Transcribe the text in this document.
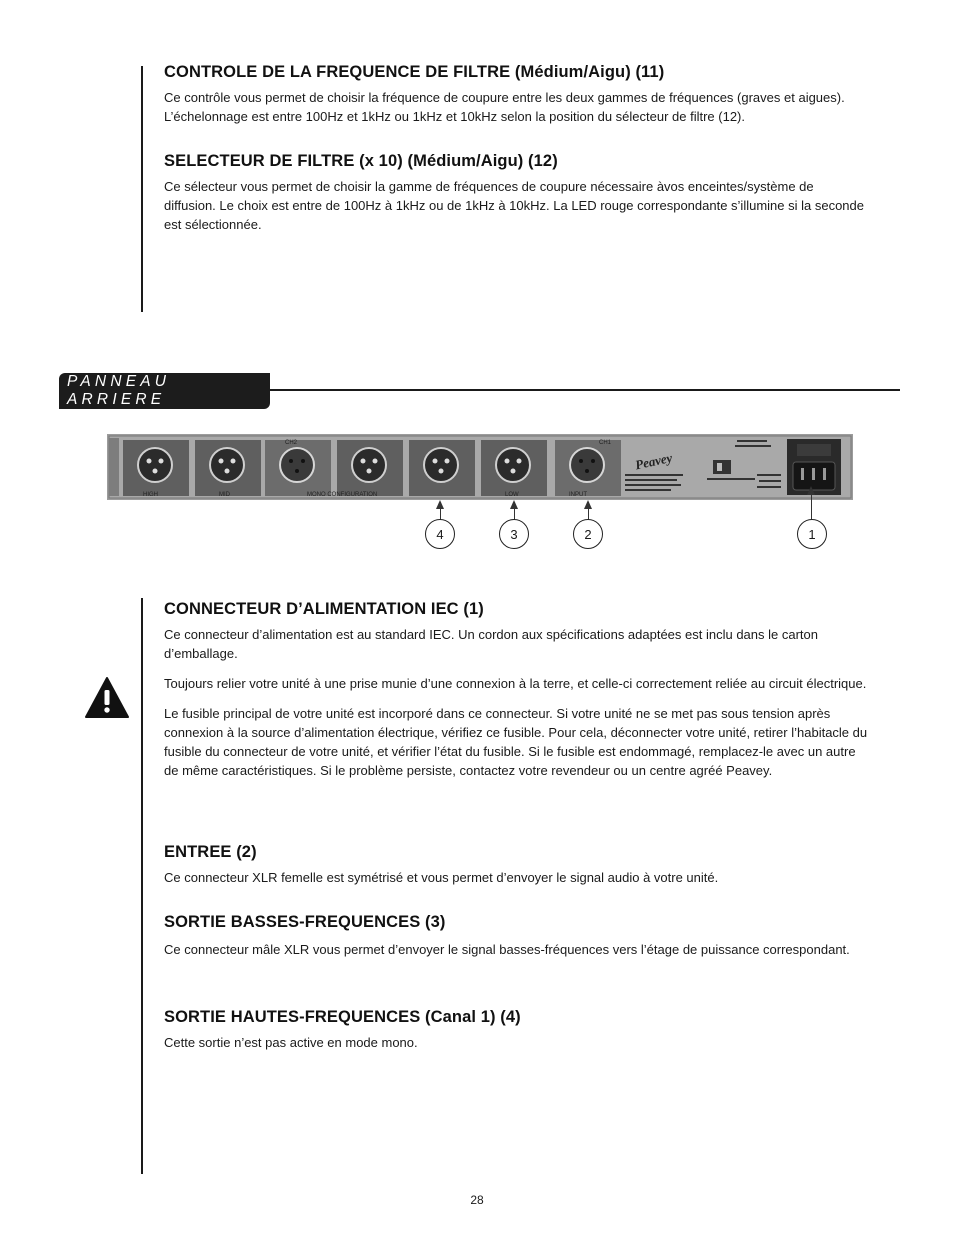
CONTROLE DE LA FREQUENCE DE FILTRE (Médium/Aigu) (11)

Ce contrôle vous permet de choisir la fréquence de coupure entre les deux gammes de fréquences (graves et aigues). L’échelonnage est entre 100Hz et 1kHz ou 1kHz et 10kHz selon la position du sélecteur de filtre (12).

SELECTEUR DE FILTRE (x 10) (Médium/Aigu) (12)

Ce sélecteur vous permet de choisir la gamme de fréquences de coupure nécessaire àvos enceintes/système de diffusion. Le choix est entre de 100Hz à 1kHz ou de 1kHz à 10kHz. La LED rouge correspondante s’illumine si la seconde est sélectionnée.

PANNEAU ARRIERE
HIGH	MID
CH2
MONO CONFIGURATION	LOW
CH1
INPUT
Peavey
4	3	2	1
CONNECTEUR D’ALIMENTATION IEC (1)

Ce connecteur d’alimentation est au standard IEC. Un cordon aux spécifications adaptées est inclu dans le carton d’emballage.

Toujours relier votre unité à une prise munie d’une connexion à la terre, et celle-ci correctement reliée au circuit électrique.

Le fusible principal de votre unité est incorporé dans ce connecteur. Si votre unité ne se met pas sous tension après connexion à la source d’alimentation électrique, vérifiez ce fusible. Pour cela, déconnecter votre unité, retirer l’habitacle du fusible du connecteur de votre unité, et vérifier l’état du fusible. Si le fusible est endommagé, remplacez-le avec un autre de même caractéristiques. Si le problème persiste, contactez votre revendeur ou un centre agréé Peavey.

ENTREE (2)

Ce connecteur XLR femelle est symétrisé et vous permet d’envoyer le signal audio à votre unité.

SORTIE BASSES-FREQUENCES (3)

Ce connecteur mâle XLR vous permet d’envoyer le signal basses-fréquences vers l’étage de puissance correspondant.

SORTIE HAUTES-FREQUENCES (Canal 1) (4)

Cette sortie n’est pas active en mode mono.

28
